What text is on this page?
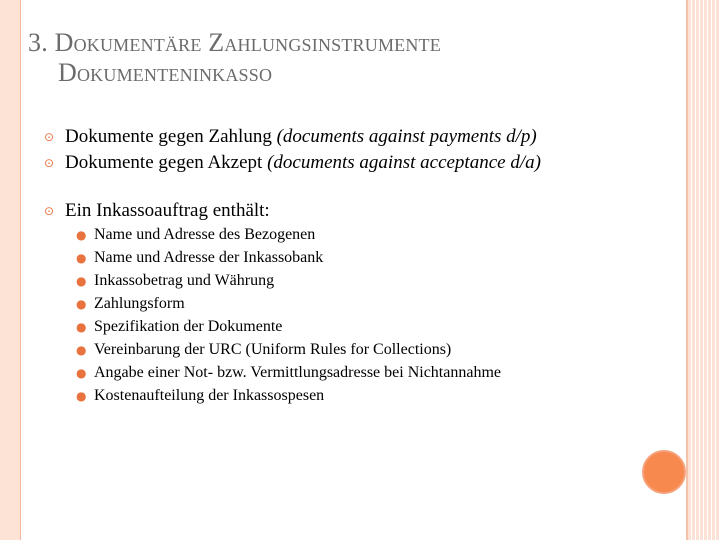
3. Dokumentäre Zahlungsinstrumente
Dokumenteninkasso
⊙ Dokumente gegen Zahlung (documents against payments d/p)
⊙ Dokumente gegen Akzept (documents against acceptance d/a)
⊙ Ein Inkassoauftrag enthält:
● Name und Adresse des Bezogenen
● Name und Adresse der Inkassobank
● Inkassobetrag und Währung
● Zahlungsform
● Spezifikation der Dokumente
● Vereinbarung der URC (Uniform Rules for Collections)
● Angabe einer Not- bzw. Vermittlungsadresse bei Nichtannahme
● Kostenaufteilung der Inkassospesen
